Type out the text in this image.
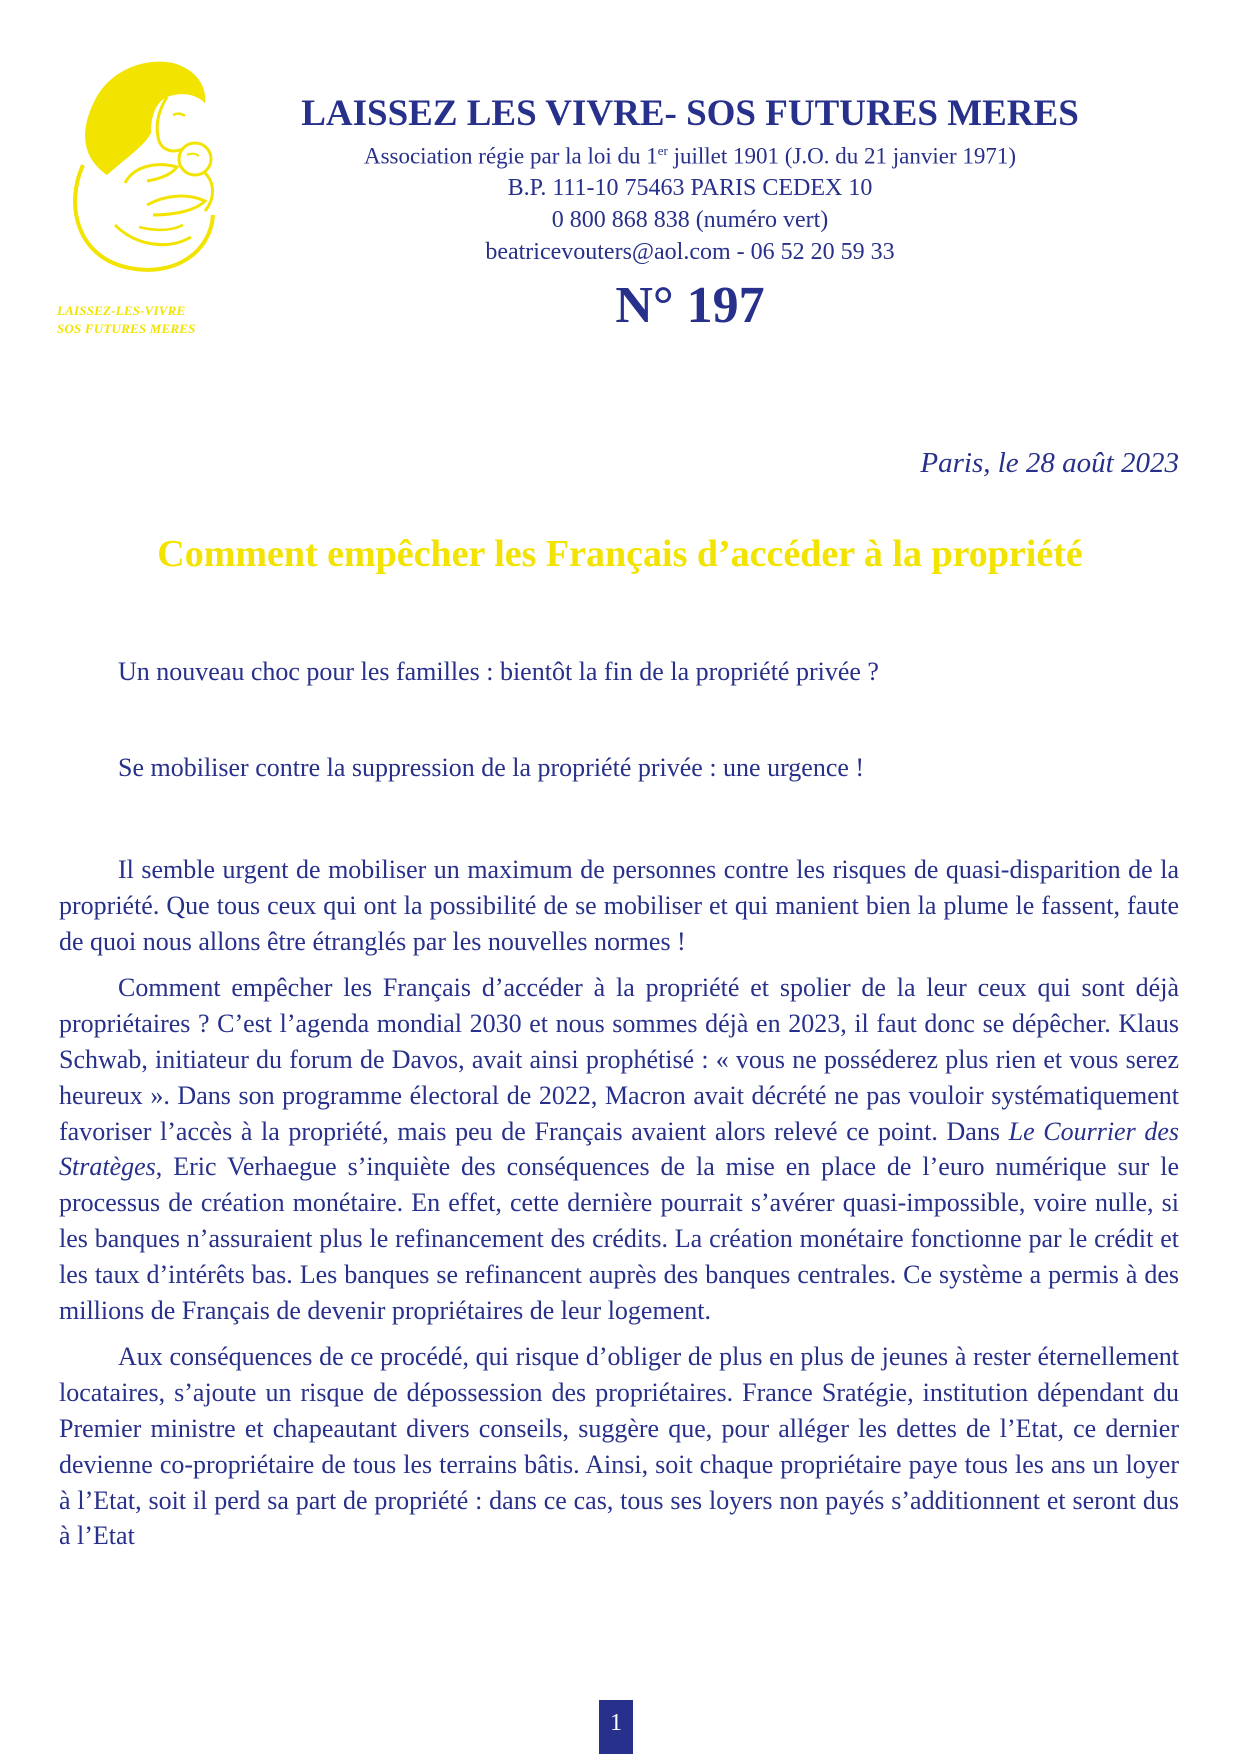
LAISSEZ-LES-VIVRE
SOS FUTURES MERES
LAISSEZ LES VIVRE- SOS FUTURES MERES
Association régie par la loi du 1er juillet 1901 (J.O. du 21 janvier 1971)
B.P. 111-10 75463 PARIS CEDEX 10
0 800 868 838 (numéro vert)
beatricevouters@aol.com - 06 52 20 59 33
N° 197
Paris, le 28 août 2023
Comment empêcher les Français d’accéder à la propriété
Un nouveau choc pour les familles : bientôt la fin de la propriété privée ?
Se mobiliser contre la suppression de la propriété privée : une urgence !

Il semble urgent de mobiliser un maximum de personnes contre les risques de quasi-disparition de la propriété. Que tous ceux qui ont la possibilité de se mobiliser et qui manient bien la plume le fassent, faute de quoi nous allons être étranglés par les nouvelles normes !

Comment empêcher les Français d’accéder à la propriété et spolier de la leur ceux qui sont déjà propriétaires ? C’est l’agenda mondial 2030 et nous sommes déjà en 2023, il faut donc se dépêcher. Klaus Schwab, initiateur du forum de Davos, avait ainsi prophétisé : « vous ne posséderez plus rien et vous serez heureux ». Dans son programme électoral de 2022, Macron avait décrété ne pas vouloir systématiquement favoriser l’accès à la propriété, mais peu de Français avaient alors relevé ce point. Dans Le Courrier des Stratèges, Eric Verhaegue s’inquiète des conséquences de la mise en place de l’euro numérique sur le processus de création monétaire. En effet, cette dernière pourrait s’avérer quasi-impossible, voire nulle, si les banques n’assuraient plus le refinancement des crédits. La création monétaire fonctionne par le crédit et les taux d’intérêts bas. Les banques se refinancent auprès des banques centrales. Ce système a permis à des millions de Français de devenir propriétaires de leur logement.

Aux conséquences de ce procédé, qui risque d’obliger de plus en plus de jeunes à rester éternellement locataires, s’ajoute un risque de dépossession des propriétaires. France Sratégie, institution dépendant du Premier ministre et chapeautant divers conseils, suggère que, pour alléger les dettes de l’Etat, ce dernier devienne co-propriétaire de tous les terrains bâtis. Ainsi, soit chaque propriétaire paye tous les ans un loyer à l’Etat, soit il perd sa part de propriété : dans ce cas, tous ses loyers non payés s’additionnent et seront dus à l’Etat

1
